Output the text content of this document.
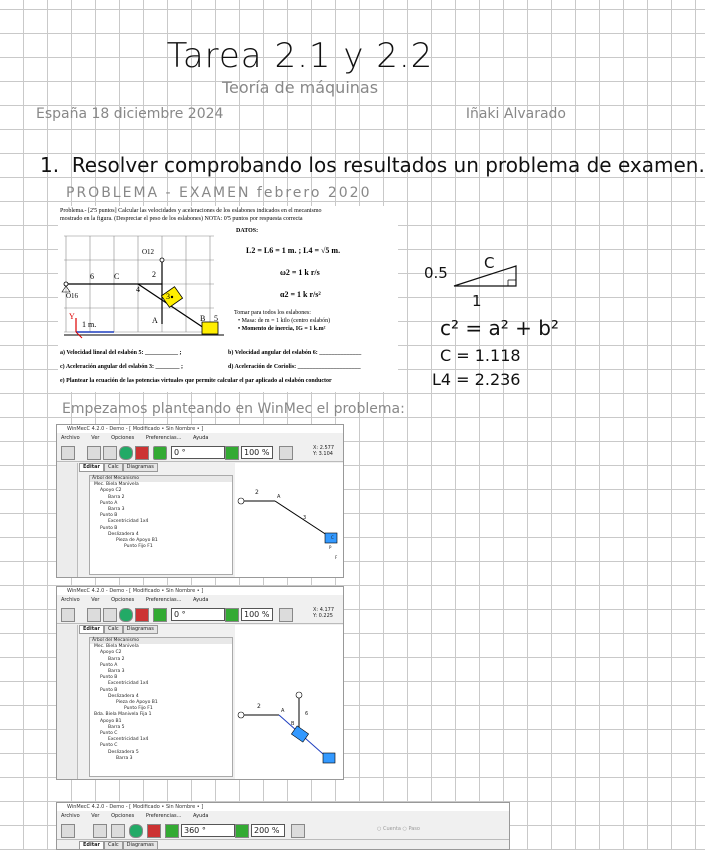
Tarea 2.1 y 2.2
Teoría de máquinas
España 18 diciembre 2024	Iñaki Alvarado
1. Resolver comprobando los resultados un problema de examen.
PROBLEMA - EXAMEN febrero 2020
Problema.- [2'5 puntos] Calcular las velocidades y aceleraciones de los eslabones indicados en el mecanismo
mostrado en la figura. (Despreciar el peso de los eslabones) NOTA: 0'5 puntos por respuesta correcta
DATOS:
O12
6	C	2
4
3
O16
A	B 5
Y
1 m.
L2 = L6 = 1 m. ; L4 = √5 m.
ω2 = 1 k r/s
α2 = 1 k r/s²
Tomar para todos los eslabones:
• Masa: de m = 1 kilo (centro eslabón)
• Momento de inercia, IG = 1 k.m²
a) Velocidad lineal del eslabón 5: ___________ ;	b) Velocidad angular del eslabón 6: ______________
c) Aceleración angular del eslabón 3: ________ ;	d) Aceleración de Coriolis: _____________________
e) Plantear la ecuación de las potencias virtuales que permite calcular el par aplicado al eslabón conductor
0.5
C
1
c² = a² + b²
C = 1.118
L4 = 2.236
Empezamos planteando en WinMec el problema:
WinMecC 4.2.0 - Demo - [ Modificado • Sin Nombre • ]
Archivo Ver Opciones Preferencias... Ayuda
0 °	100 %	X: 2.577
Y: 3.104
Editar Calc Diagramas
Árbol del Mecanismo
Mec. Biela Manivela
Apoyo C2
Barra 2
Punto A
Barra 3
Punto B
Excentricidad 1x4
Punto B
Deslizadera 4
Pieza de Apoyo B1
Punto Fijo F1
2
A
3
C
P
F
WinMecC 4.2.0 - Demo - [ Modificado • Sin Nombre • ]
Archivo Ver Opciones Preferencias... Ayuda
0 °	100 %	X: 4.177
Y: 0.225
Editar Calc Diagramas
Árbol del Mecanismo
Mec. Biela Manivela
Apoyo C2
Barra 2
Punto A
Barra 3
Punto B
Excentricidad 1x4
Punto B
Deslizadera 4
Pieza de Apoyo B1
Punto Fijo F1
Bda. Biela Manivela Fija 1
Apoyo B1
Barra 5
Punto C
Excentricidad 1x4
Punto C
Deslizadera 5
Barra 3
2
A
B
6
WinMecC 4.2.0 - Demo - [ Modificado • Sin Nombre • ]
Archivo Ver Opciones Preferencias... Ayuda
360 °	200 %	○ Cuenta ○ Paso
Editar Calc Diagramas
